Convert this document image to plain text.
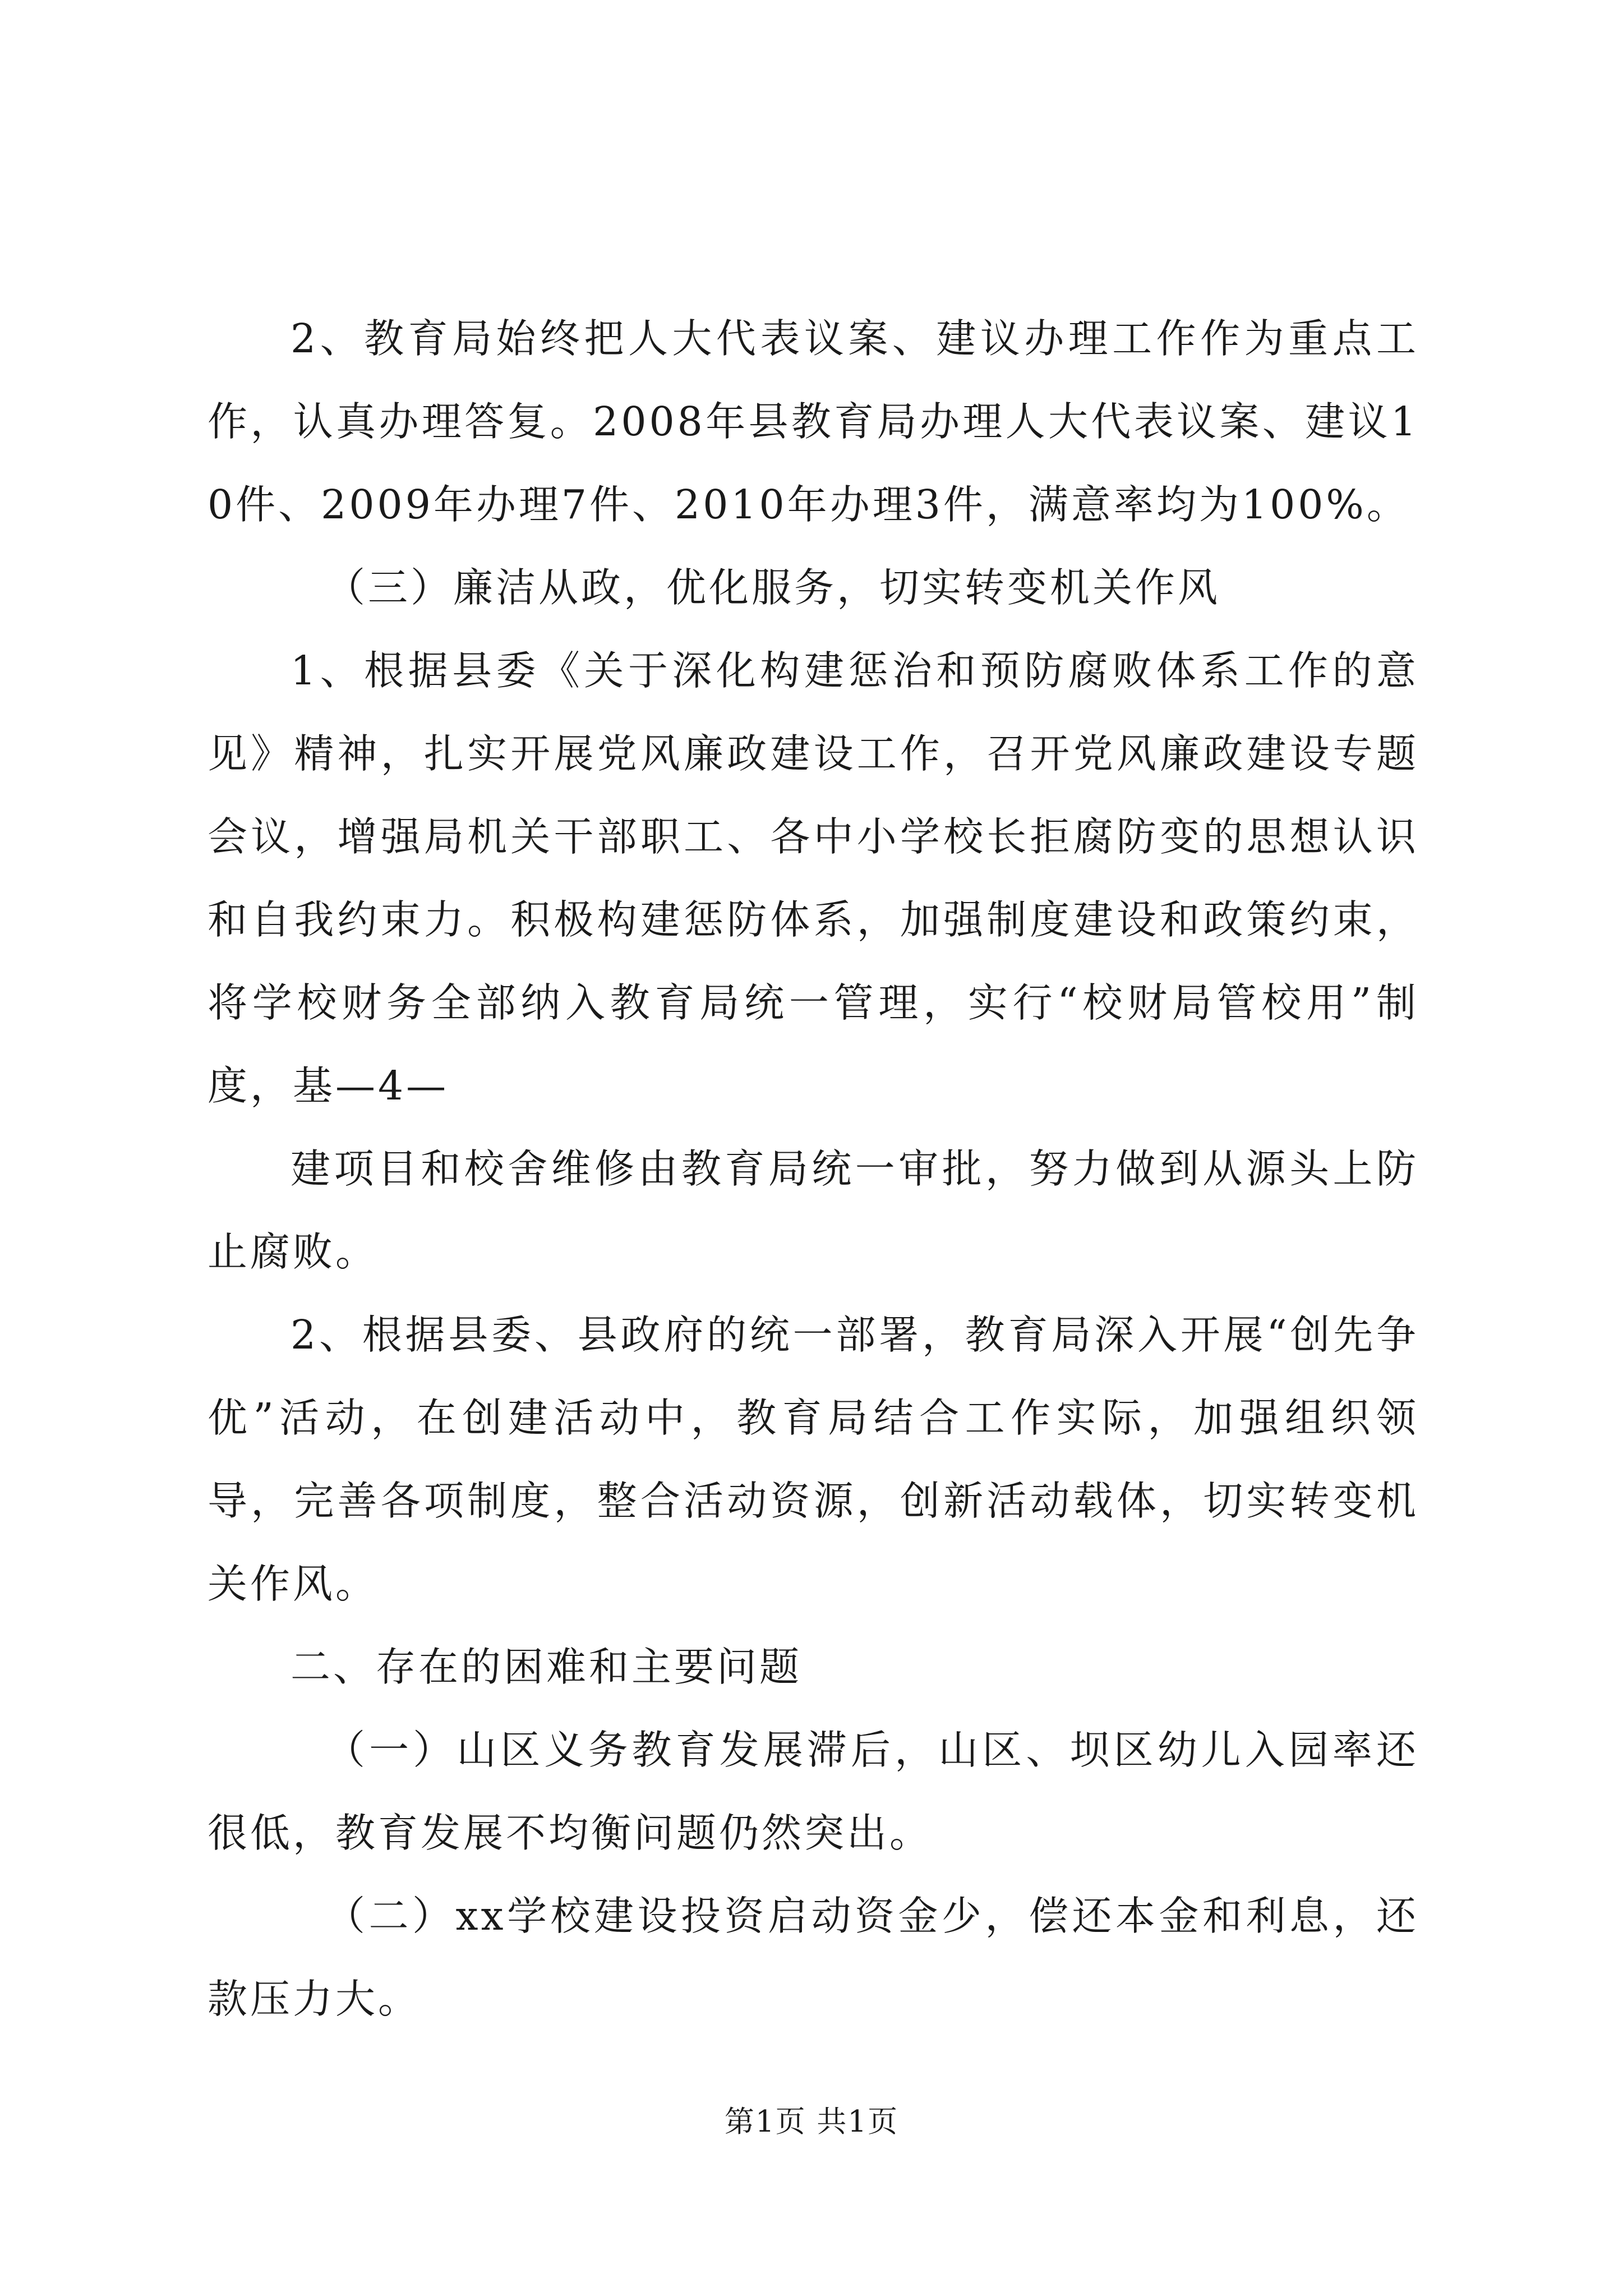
2、教育局始终把人大代表议案、建议办理工作作为重点工作，认真办理答复。2008年县教育局办理人大代表议案、建议10件、2009年办理7件、2010年办理3件，满意率均为100%。

（三）廉洁从政，优化服务，切实转变机关作风

1、根据县委《关于深化构建惩治和预防腐败体系工作的意见》精神，扎实开展党风廉政建设工作，召开党风廉政建设专题会议，增强局机关干部职工、各中小学校长拒腐防变的思想认识和自我约束力。积极构建惩防体系，加强制度建设和政策约束，将学校财务全部纳入教育局统一管理，实行“校财局管校用”制度，基—4—

建项目和校舍维修由教育局统一审批，努力做到从源头上防止腐败。

2、根据县委、县政府的统一部署，教育局深入开展“创先争优”活动，在创建活动中，教育局结合工作实际，加强组织领导，完善各项制度，整合活动资源，创新活动载体，切实转变机关作风。

二、存在的困难和主要问题

（一）山区义务教育发展滞后，山区、坝区幼儿入园率还很低，教育发展不均衡问题仍然突出。

（二）xx学校建设投资启动资金少，偿还本金和利息，还款压力大。

第1页 共1页
